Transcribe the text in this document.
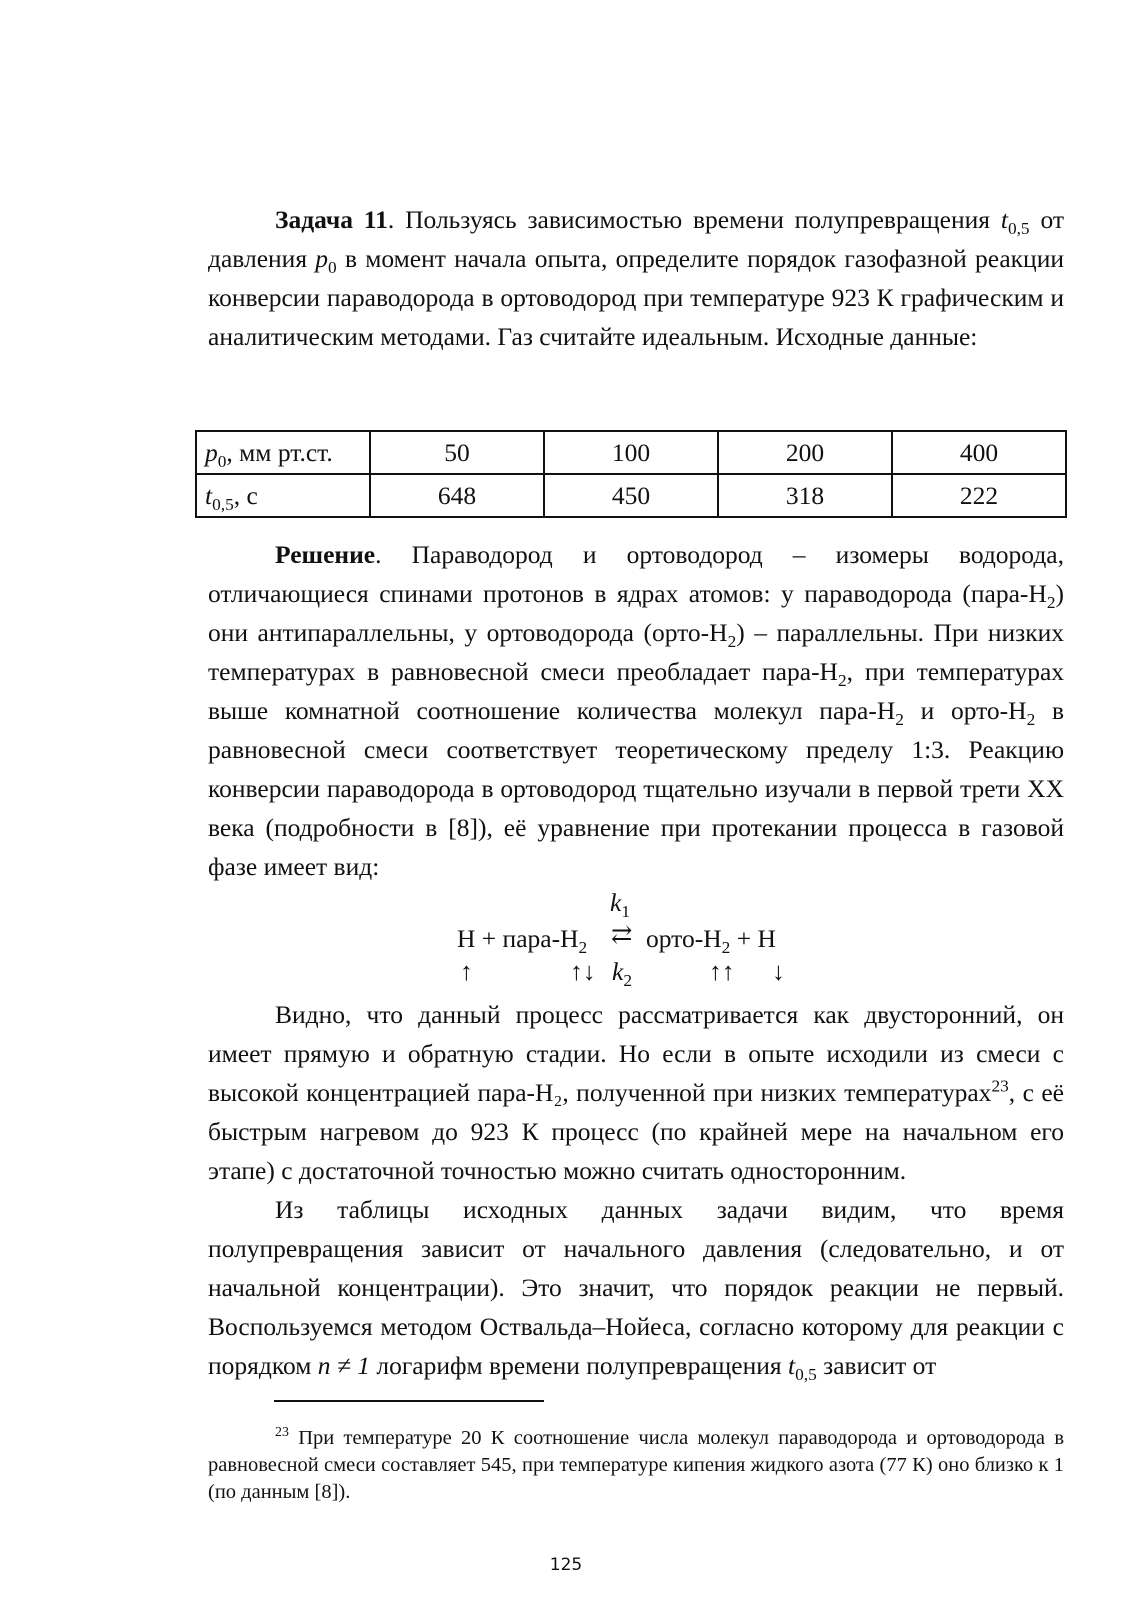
Задача 11. Пользуясь зависимостью времени полупревращения $t_{0,5}$ от давления $p_0$ в момент начала опыта, определите порядок газофазной реакции конверсии параводорода в ортоводород при температуре 923 К графическим и аналитическим методами. Газ считайте идеальным. Исходные данные:

$p_0$, мм рт.ст.	50	100	200	400
$t_{0,5}$, с	648	450	318	222

Решение. Параводород и ортоводород – изомеры водорода, отличающиеся спинами протонов в ядрах атомов: у параводорода $(пара-H_2)$ они антипараллельны, у ортоводорода $(орто-H_2)$ – параллельны. При низких температурах в равновесной смеси преобладает пара-$H_2$, при температурах выше комнатной соотношение количества молекул пара-$H_2$ и орто-$H_2$ в равновесной смеси соответствует теоретическому пределу 1:3. Реакцию конверсии параводорода в ортоводород тщательно изучали в первой трети XX века (подробности в [8]), её уравнение при протекании процесса в газовой фазе имеет вид:

$k_1$
H + пара-$H_2$ ⇄ орто-$H_2 + H$
↑	↑↓ $k_2$	↑↑ ↓

Видно, что данный процесс рассматривается как двусторонний, он имеет прямую и обратную стадии. Но если в опыте исходили из смеси с высокой концентрацией пара-H₂, полученной при низких температурах$^{23}$, с её быстрым нагревом до 923 К процесс (по крайней мере на начальном его этапе) с достаточной точностью можно считать односторонним.

Из таблицы исходных данных задачи видим, что время полупревращения зависит от начального давления (следовательно, и от начальной концентрации). Это значит, что порядок реакции не первый. Воспользуемся методом Оствальда–Нойеса, согласно которому для реакции с порядком n ≠ 1 логарифм времени полупревращения $t_{0,5}$ зависит от

$^{23}$ При температуре 20 К соотношение числа молекул параводорода и ортоводорода в равновесной смеси составляет 545, при температуре кипения жидкого азота (77 К) оно близко к 1 (по данным [8]).
125
